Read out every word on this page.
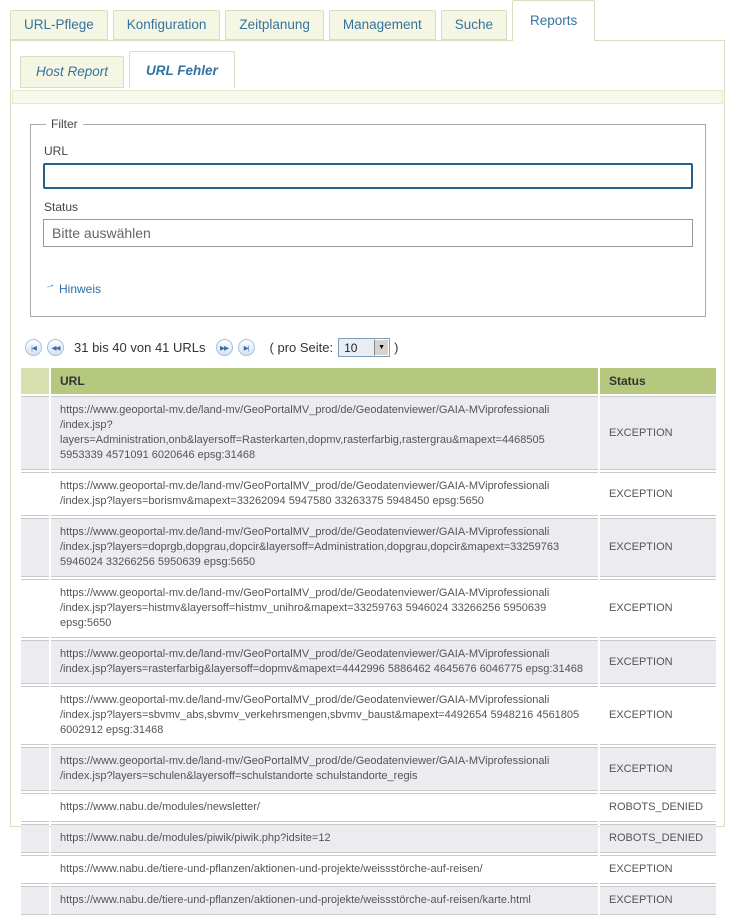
URL-Pflege	Konfiguration	Zeitplanung	Management	Suche	Reports
Host Report	URL Fehler
Filter
URL
Status
Bitte auswählen

→ Hinweis
|◀ ◀◀ 31 bis 40 von 41 URLs ▶▶ ▶| ( pro Seite: 10	▼ )
	URL	Status
	https://www.geoportal-mv.de/land-mv/GeoPortalMV_prod/de/Geodatenviewer/GAIA-MViprofessionali /index.jsp?layers=Administration,onb&layersoff=Rasterkarten,dopmv,rasterfarbig,rastergrau&mapext=4468505 5953339 4571091 6020646 epsg:31468	EXCEPTION
	https://www.geoportal-mv.de/land-mv/GeoPortalMV_prod/de/Geodatenviewer/GAIA-MViprofessionali /index.jsp?layers=borismv&mapext=33262094 5947580 33263375 5948450 epsg:5650	EXCEPTION
	https://www.geoportal-mv.de/land-mv/GeoPortalMV_prod/de/Geodatenviewer/GAIA-MViprofessionali /index.jsp?layers=doprgb,dopgrau,dopcir&layersoff=Administration,dopgrau,dopcir&mapext=33259763 5946024 33266256 5950639 epsg:5650	EXCEPTION
	https://www.geoportal-mv.de/land-mv/GeoPortalMV_prod/de/Geodatenviewer/GAIA-MViprofessionali /index.jsp?layers=histmv&layersoff=histmv_unihro&mapext=33259763 5946024 33266256 5950639 epsg:5650	EXCEPTION
	https://www.geoportal-mv.de/land-mv/GeoPortalMV_prod/de/Geodatenviewer/GAIA-MViprofessionali /index.jsp?layers=rasterfarbig&layersoff=dopmv&mapext=4442996 5886462 4645676 6046775 epsg:31468	EXCEPTION
	https://www.geoportal-mv.de/land-mv/GeoPortalMV_prod/de/Geodatenviewer/GAIA-MViprofessionali /index.jsp?layers=sbvmv_abs,sbvmv_verkehrsmengen,sbvmv_baust&mapext=4492654 5948216 4561805 6002912 epsg:31468	EXCEPTION
	https://www.geoportal-mv.de/land-mv/GeoPortalMV_prod/de/Geodatenviewer/GAIA-MViprofessionali /index.jsp?layers=schulen&layersoff=schulstandorte schulstandorte_regis	EXCEPTION
	https://www.nabu.de/modules/newsletter/	ROBOTS_DENIED
	https://www.nabu.de/modules/piwik/piwik.php?idsite=12	ROBOTS_DENIED
	https://www.nabu.de/tiere-und-pflanzen/aktionen-und-projekte/weissstörche-auf-reisen/	EXCEPTION
	https://www.nabu.de/tiere-und-pflanzen/aktionen-und-projekte/weissstörche-auf-reisen/karte.html	EXCEPTION
